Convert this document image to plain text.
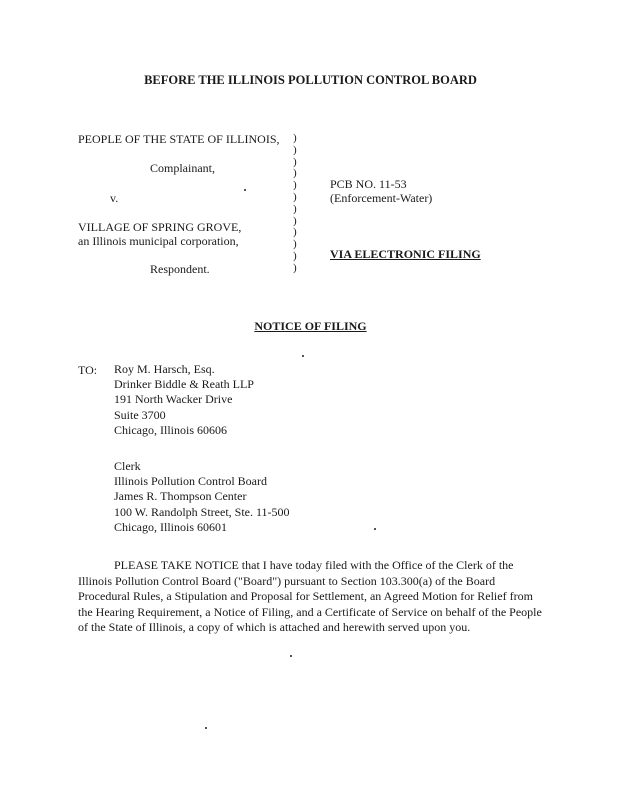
BEFORE THE ILLINOIS POLLUTION CONTROL BOARD
PEOPLE OF THE STATE OF ILLINOIS,
Complainant,
v.
VILLAGE OF SPRING GROVE,
an Illinois municipal corporation,
Respondent.
)
)
)
)
)
)
)
)
)
)
)
)
PCB NO. 11-53
(Enforcement-Water)
VIA ELECTRONIC FILING
NOTICE OF FILING
TO: Roy M. Harsch, Esq.
Drinker Biddle & Reath LLP
191 North Wacker Drive
Suite 3700
Chicago, Illinois 60606
Clerk
Illinois Pollution Control Board
James R. Thompson Center
100 W. Randolph Street, Ste. 11-500
Chicago, Illinois 60601
PLEASE TAKE NOTICE that I have today filed with the Office of the Clerk of the
Illinois Pollution Control Board ("Board") pursuant to Section 103.300(a) of the Board
Procedural Rules, a Stipulation and Proposal for Settlement, an Agreed Motion for Relief from
the Hearing Requirement, a Notice of Filing, and a Certificate of Service on behalf of the People
of the State of Illinois, a copy of which is attached and herewith served upon you.
